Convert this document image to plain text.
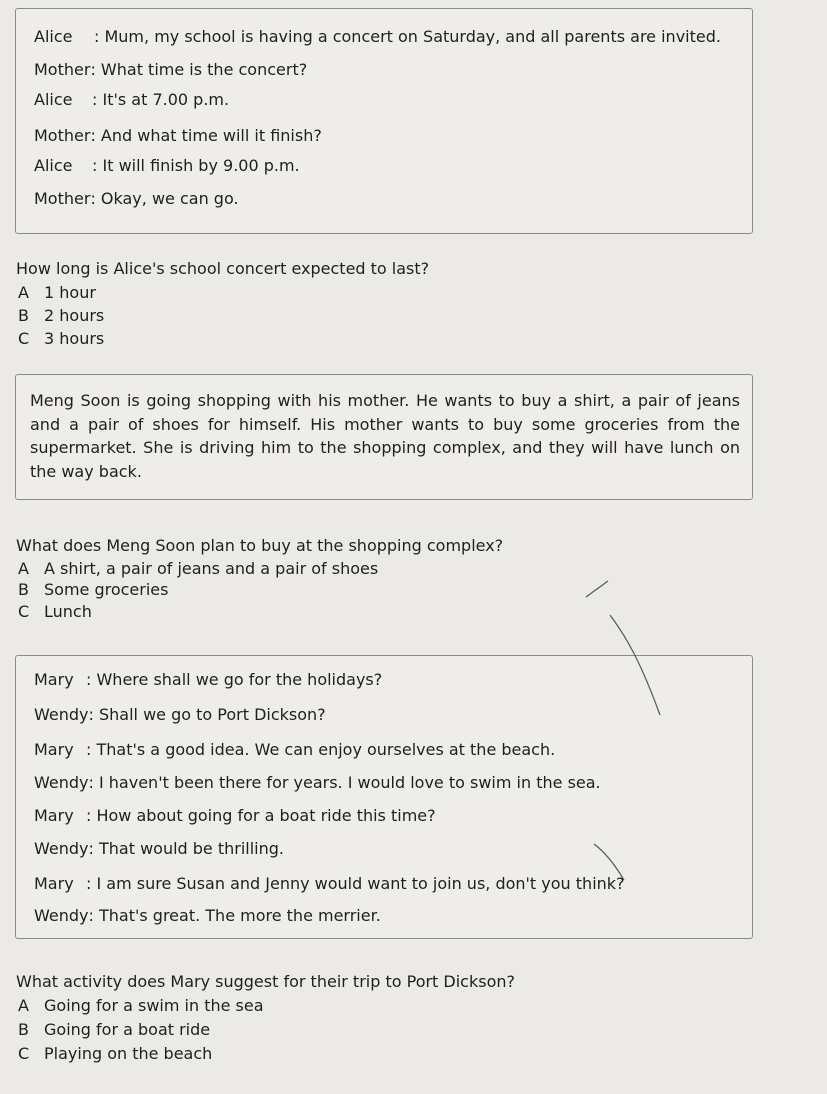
Alice : Mum, my school is having a concert on Saturday, and all parents are invited.
Mother: What time is the concert?
Alice : It's at 7.00 p.m.
Mother: And what time will it finish?
Alice : It will finish by 9.00 p.m.
Mother: Okay, we can go.
How long is Alice's school concert expected to last?
A 1 hour
B 2 hours
C 3 hours

Meng Soon is going shopping with his mother. He wants to buy a shirt, a pair of jeans and a pair of shoes for himself. His mother wants to buy some groceries from the supermarket. She is driving him to the shopping complex, and they will have lunch on the way back.

What does Meng Soon plan to buy at the shopping complex?
A A shirt, a pair of jeans and a pair of shoes
B Some groceries
C Lunch
Mary : Where shall we go for the holidays?
Wendy: Shall we go to Port Dickson?
Mary : That's a good idea. We can enjoy ourselves at the beach.
Wendy: I haven't been there for years. I would love to swim in the sea.
Mary : How about going for a boat ride this time?
Wendy: That would be thrilling.
Mary : I am sure Susan and Jenny would want to join us, don't you think?
Wendy: That's great. The more the merrier.
What activity does Mary suggest for their trip to Port Dickson?
A Going for a swim in the sea
B Going for a boat ride
C Playing on the beach
